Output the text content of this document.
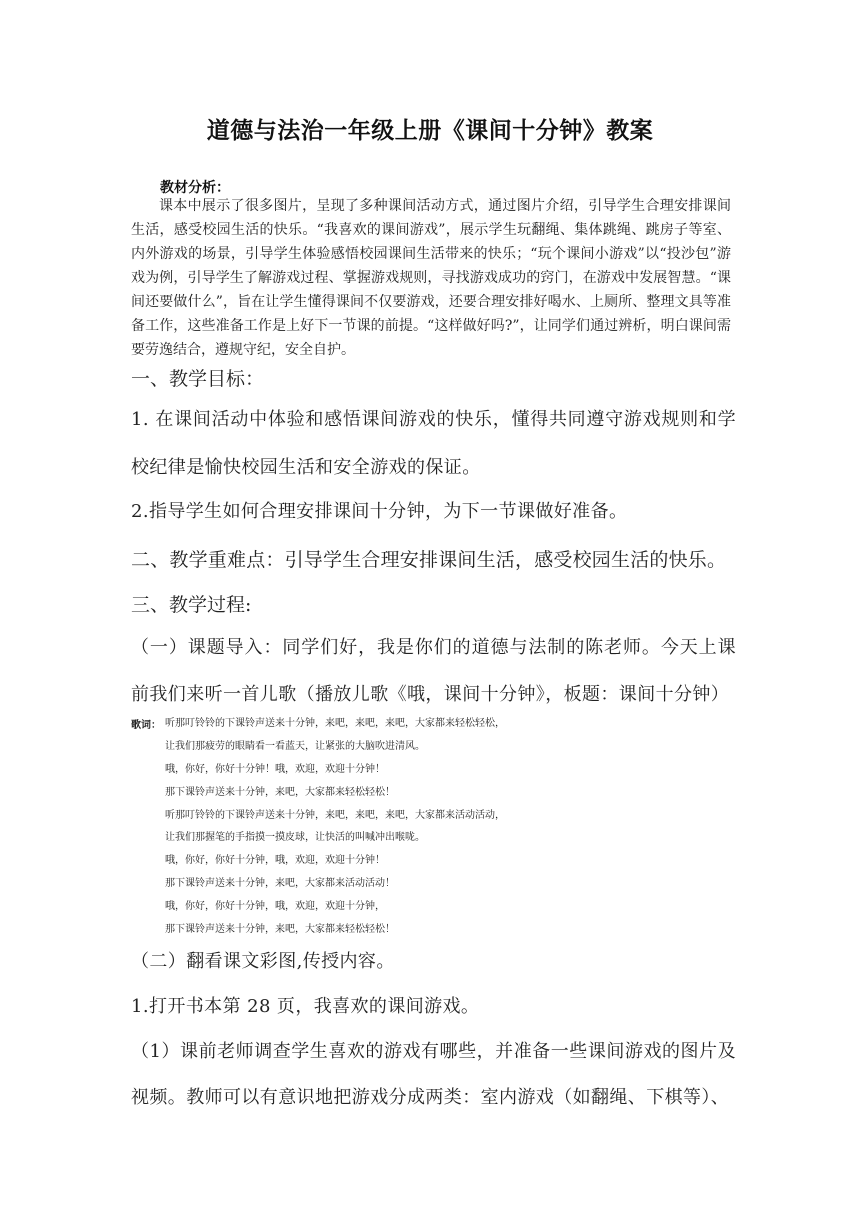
道德与法治一年级上册《课间十分钟》教案
教材分析：
课本中展示了很多图片，呈现了多种课间活动方式，通过图片介绍，引导学生合理安排课间生活，感受校园生活的快乐。“我喜欢的课间游戏”，展示学生玩翻绳、集体跳绳、跳房子等室、内外游戏的场景，引导学生体验感悟校园课间生活带来的快乐；“玩个课间小游戏”以“投沙包”游戏为例，引导学生了解游戏过程、掌握游戏规则，寻找游戏成功的窍门，在游戏中发展智慧。“课间还要做什么”，旨在让学生懂得课间不仅要游戏，还要合理安排好喝水、上厕所、整理文具等准备工作，这些准备工作是上好下一节课的前提。“这样做好吗?”，让同学们通过辨析，明白课间需要劳逸结合，遵规守纪，安全自护。
一、教学目标：
1. 在课间活动中体验和感悟课间游戏的快乐，懂得共同遵守游戏规则和学校纪律是愉快校园生活和安全游戏的保证。
2.指导学生如何合理安排课间十分钟，为下一节课做好准备。
二、教学重难点：引导学生合理安排课间生活，感受校园生活的快乐。
三、教学过程:
（一）课题导入：同学们好，我是你们的道德与法制的陈老师。今天上课前我们来听一首儿歌（播放儿歌《哦，课间十分钟》，板题：课间十分钟）
歌词： 听那叮铃铃的下课铃声送来十分钟，来吧，来吧，来吧，大家都来轻松轻松，
让我们那疲劳的眼睛看一看蓝天，让紧张的大脑吹进清风。
哦，你好，你好十分钟！哦，欢迎，欢迎十分钟！
那下课铃声送来十分钟，来吧，大家都来轻松轻松！
听那叮铃铃的下课铃声送来十分钟，来吧，来吧，来吧，大家都来活动活动，
让我们那握笔的手指摸一摸皮球，让快活的叫喊冲出喉咙。
哦，你好，你好十分钟，哦，欢迎，欢迎十分钟！
那下课铃声送来十分钟，来吧，大家都来活动活动！
哦，你好，你好十分钟，哦，欢迎，欢迎十分钟，
那下课铃声送来十分钟，来吧，大家都来轻松轻松！
（二）翻看课文彩图,传授内容。
1.打开书本第 28 页，我喜欢的课间游戏。
（1）课前老师调查学生喜欢的游戏有哪些，并准备一些课间游戏的图片及视频。教师可以有意识地把游戏分成两类：室内游戏（如翻绳、下棋等）、
